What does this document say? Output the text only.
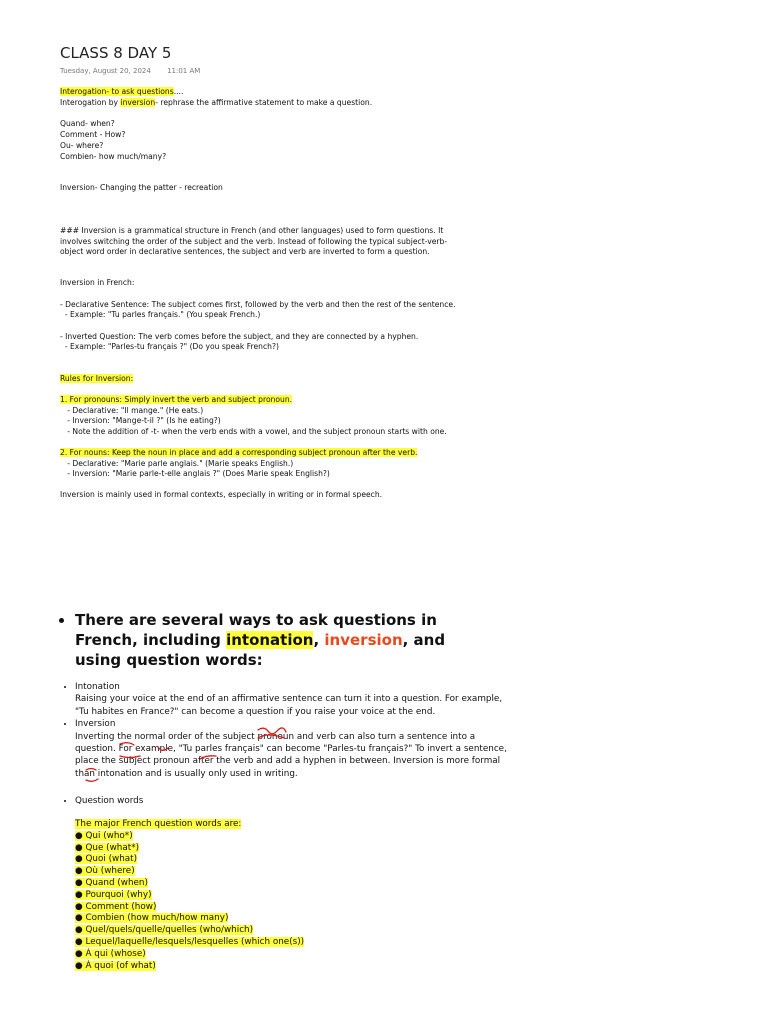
CLASS 8 DAY 5
Tuesday, August 20, 2024 11:01 AM
Interogation- to ask questions....
Interogation by inversion- rephrase the affirmative statement to make a question.
Quand- when?
Comment - How?
Ou- where?
Combien- how much/many?
Inversion- Changing the patter - recreation
### Inversion is a grammatical structure in French (and other languages) used to form questions. It
involves switching the order of the subject and the verb. Instead of following the typical subject-verb-
object word order in declarative sentences, the subject and verb are inverted to form a question.
Inversion in French:
- Declarative Sentence: The subject comes first, followed by the verb and then the rest of the sentence.
- Example: "Tu parles français." (You speak French.)
- Inverted Question: The verb comes before the subject, and they are connected by a hyphen.
- Example: "Parles-tu français ?" (Do you speak French?)
Rules for Inversion:
1. For pronouns: Simply invert the verb and subject pronoun.
- Declarative: "Il mange." (He eats.)
- Inversion: "Mange-t-il ?" (Is he eating?)
- Note the addition of -t- when the verb ends with a vowel, and the subject pronoun starts with one.
2. For nouns: Keep the noun in place and add a corresponding subject pronoun after the verb.
- Declarative: "Marie parle anglais." (Marie speaks English.)
- Inversion: "Marie parle-t-elle anglais ?" (Does Marie speak English?)
Inversion is mainly used in formal contexts, especially in writing or in formal speech.
• There are several ways to ask questions in French, including intonation, inversion, and using question words:
• Intonation
Raising your voice at the end of an affirmative sentence can turn it into a question. For example,
"Tu habites en France?" can become a question if you raise your voice at the end.
• Inversion
Inverting the normal order of the subject pronoun and verb can also turn a sentence into a
question. For example, "Tu parles français" can become "Parles-tu français?" To invert a sentence,
place the subject pronoun after the verb and add a hyphen in between. Inversion is more formal
than intonation and is usually only used in writing.
• Question words
The major French question words are:
● Qui (who*)
● Que (what*)
● Quoi (what)
● Où (where)
● Quand (when)
● Pourquoi (why)
● Comment (how)
● Combien (how much/how many)
● Quel/quels/quelle/quelles (who/which)
● Lequel/laquelle/lesquels/lesquelles (which one(s))
● À qui (whose)
● À quoi (of what)
